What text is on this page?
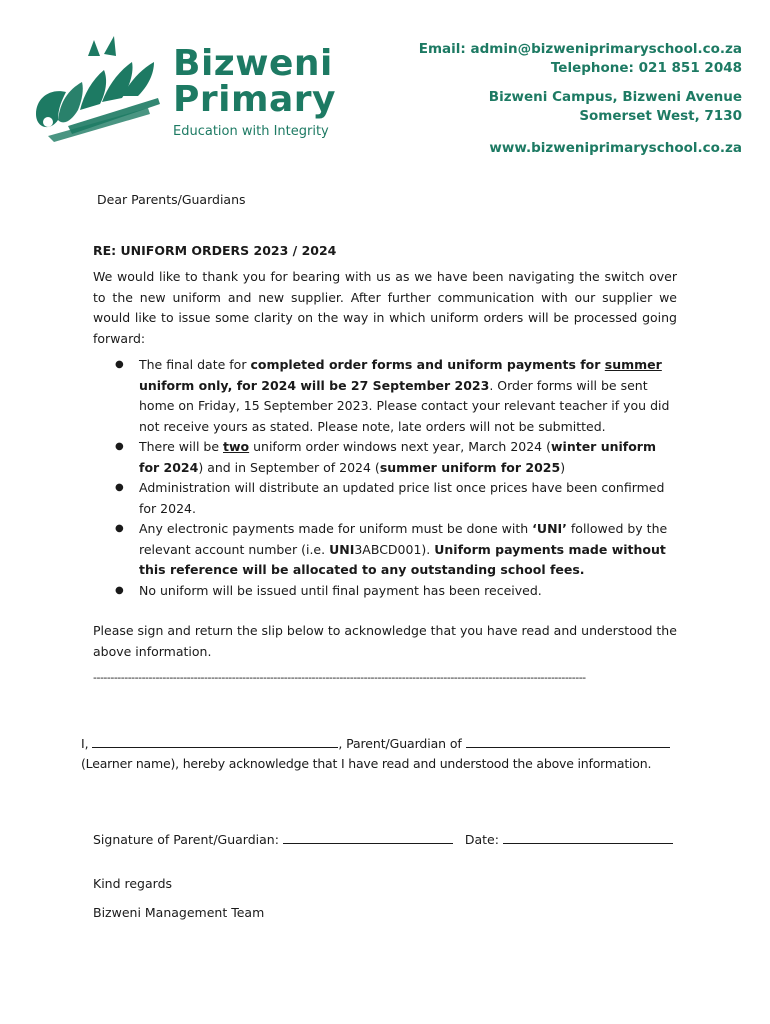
Bizweni
Primary
Education with Integrity
Email: admin@bizweniprimaryschool.co.za
Telephone: 021 851 2048
Bizweni Campus, Bizweni Avenue
Somerset West, 7130
www.bizweniprimaryschool.co.za

Dear Parents/Guardians

RE: UNIFORM ORDERS 2023 / 2024

We would like to thank you for bearing with us as we have been navigating the switch over to the new uniform and new supplier. After further communication with our supplier we would like to issue some clarity on the way in which uniform orders will be processed going forward:

● The final date for completed order forms and uniform payments for summer uniform only, for 2024 will be 27 September 2023. Order forms will be sent home on Friday, 15 September 2023. Please contact your relevant teacher if you did not receive yours as stated. Please note, late orders will not be submitted.
● There will be two uniform order windows next year, March 2024 (winter uniform for 2024) and in September of 2024 (summer uniform for 2025)
● Administration will distribute an updated price list once prices have been confirmed for 2024.
● Any electronic payments made for uniform must be done with ‘UNI’ followed by the relevant account number (i.e. UNI3ABCD001). Uniform payments made without this reference will be allocated to any outstanding school fees.
● No uniform will be issued until final payment has been received.

Please sign and return the slip below to acknowledge that you have read and understood the above information.

----------------------------------------------------------------------------------------------------------------------------------------------
I,	, Parent/Guardian of
(Learner name), hereby acknowledge that I have read and understood the above information.
Signature of Parent/Guardian:	Date:

Kind regards

Bizweni Management Team
